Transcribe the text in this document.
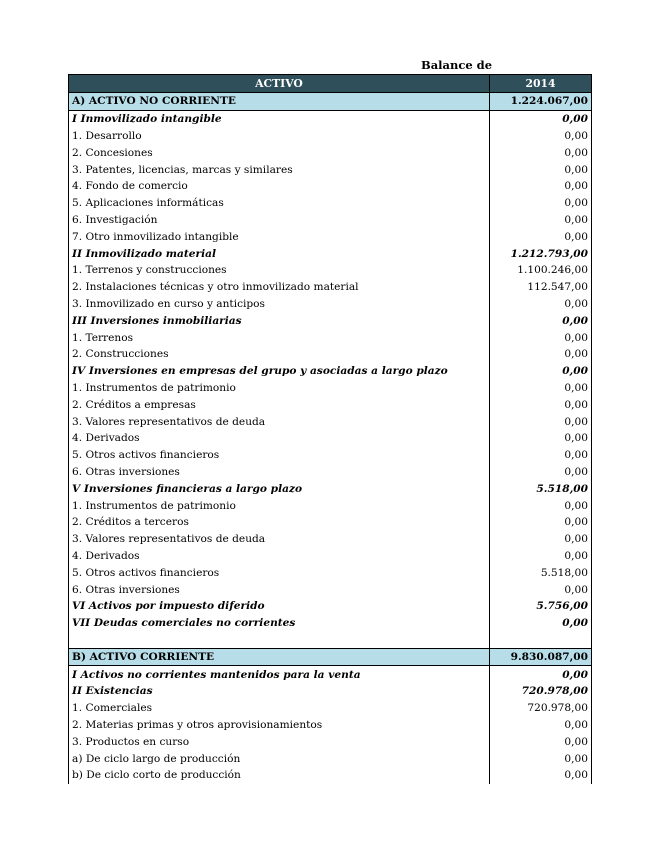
Balance de
ACTIVO	2014
A) ACTIVO NO CORRIENTE	1.224.067,00
I Inmovilizado intangible	0,00
1. Desarrollo	0,00
2. Concesiones	0,00
3. Patentes, licencias, marcas y similares	0,00
4. Fondo de comercio	0,00
5. Aplicaciones informáticas	0,00
6. Investigación	0,00
7. Otro inmovilizado intangible	0,00
II Inmovilizado material	1.212.793,00
1. Terrenos y construcciones	1.100.246,00
2. Instalaciones técnicas y otro inmovilizado material	112.547,00
3. Inmovilizado en curso y anticipos	0,00
III Inversiones inmobiliarias	0,00
1. Terrenos	0,00
2. Construcciones	0,00
IV Inversiones en empresas del grupo y asociadas a largo plazo	0,00
1. Instrumentos de patrimonio	0,00
2. Créditos a empresas	0,00
3. Valores representativos de deuda	0,00
4. Derivados	0,00
5. Otros activos financieros	0,00
6. Otras inversiones	0,00
V Inversiones financieras a largo plazo	5.518,00
1. Instrumentos de patrimonio	0,00
2. Créditos a terceros	0,00
3. Valores representativos de deuda	0,00
4. Derivados	0,00
5. Otros activos financieros	5.518,00
6. Otras inversiones	0,00
VI Activos por impuesto diferido	5.756,00
VII Deudas comerciales no corrientes	0,00

B) ACTIVO CORRIENTE	9.830.087,00
I Activos no corrientes mantenidos para la venta	0,00
II Existencias	720.978,00
1. Comerciales	720.978,00
2. Materias primas y otros aprovisionamientos	0,00
3. Productos en curso	0,00
a) De ciclo largo de producción	0,00
b) De ciclo corto de producción	0,00
